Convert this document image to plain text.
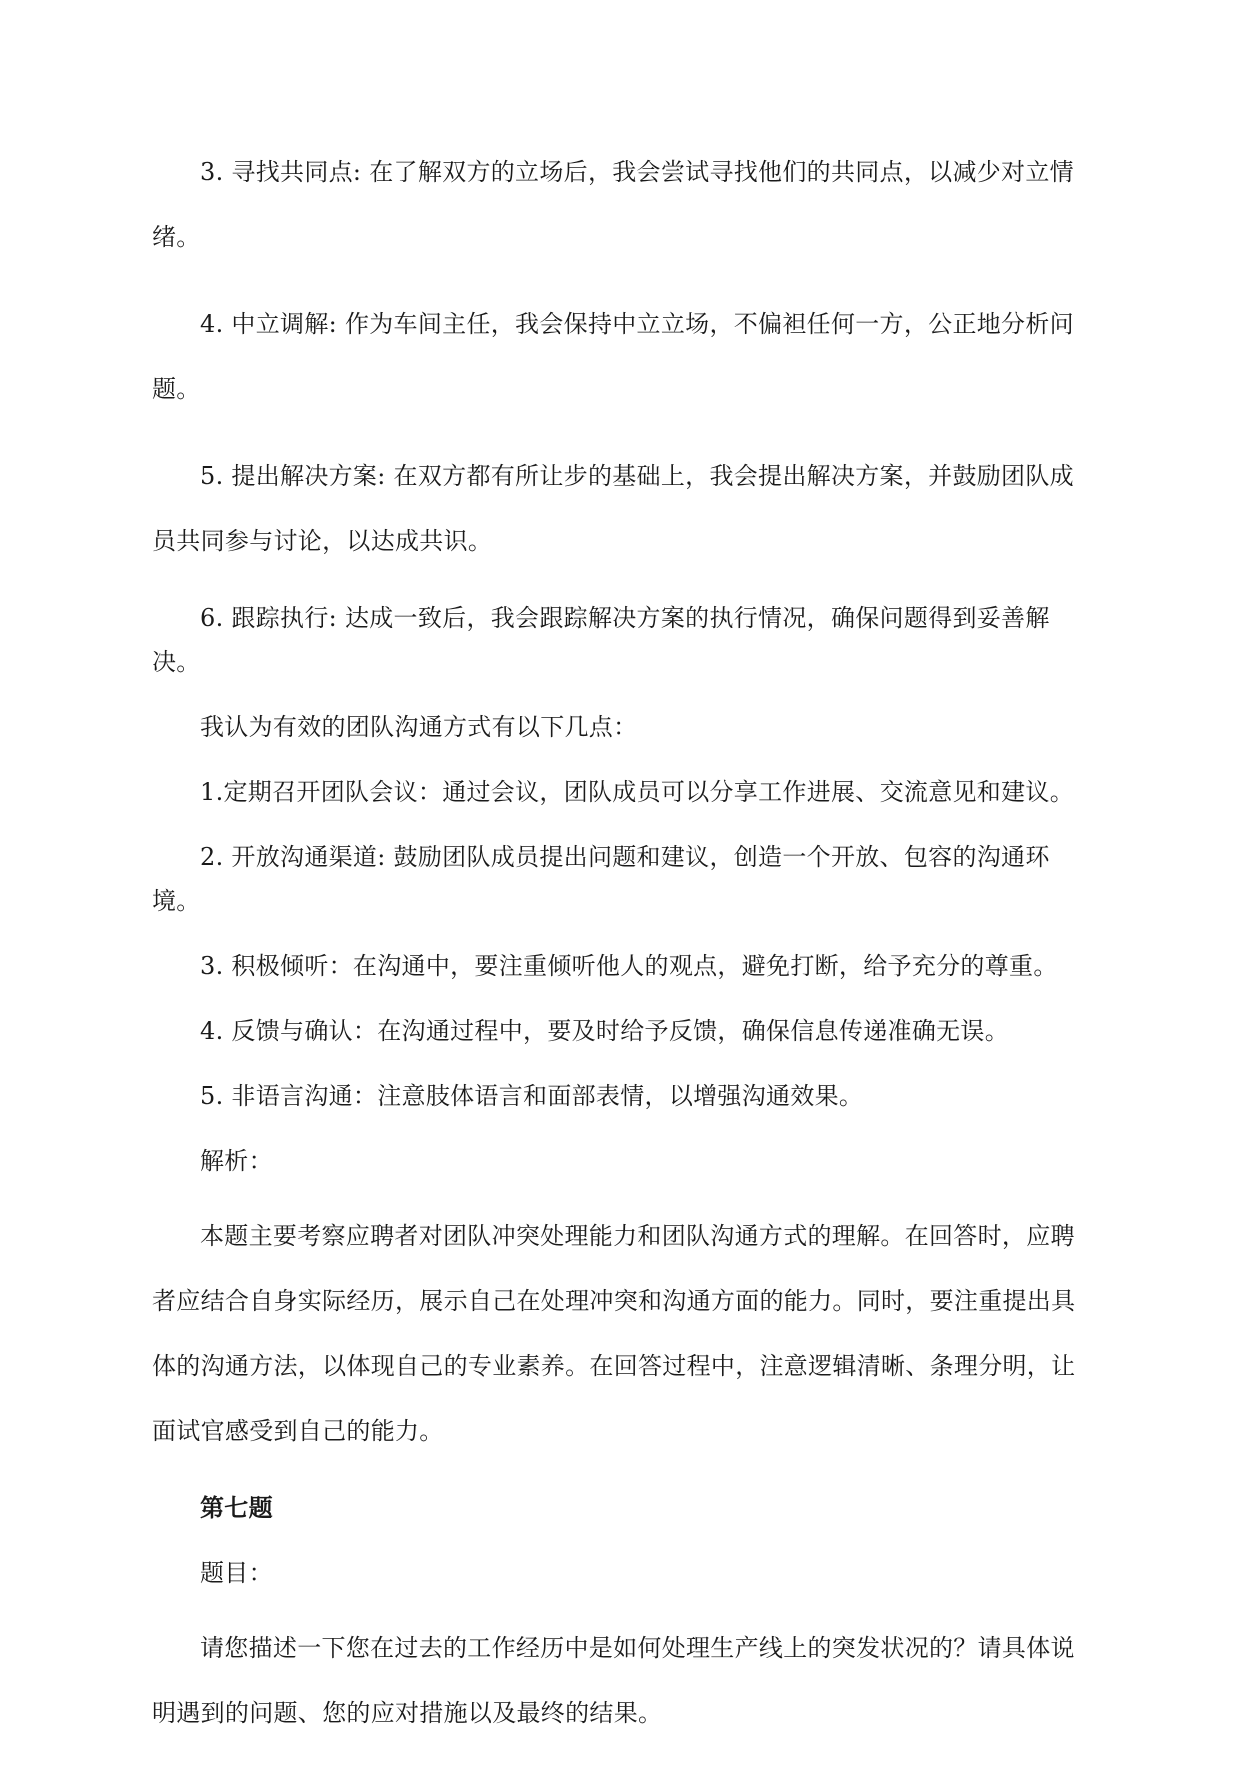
3. 寻找共同点: 在了解双方的立场后，我会尝试寻找他们的共同点，以减少对立情绪。

4. 中立调解: 作为车间主任，我会保持中立立场，不偏袒任何一方，公正地分析问题。

5. 提出解决方案: 在双方都有所让步的基础上，我会提出解决方案，并鼓励团队成员共同参与讨论，以达成共识。

6. 跟踪执行: 达成一致后，我会跟踪解决方案的执行情况，确保问题得到妥善解决。

我认为有效的团队沟通方式有以下几点：

1.定期召开团队会议：通过会议，团队成员可以分享工作进展、交流意见和建议。

2. 开放沟通渠道: 鼓励团队成员提出问题和建议，创造一个开放、包容的沟通环境。

3. 积极倾听：在沟通中，要注重倾听他人的观点，避免打断，给予充分的尊重。

4. 反馈与确认：在沟通过程中，要及时给予反馈，确保信息传递准确无误。

5. 非语言沟通：注意肢体语言和面部表情，以增强沟通效果。

解析：

本题主要考察应聘者对团队冲突处理能力和团队沟通方式的理解。在回答时，应聘者应结合自身实际经历，展示自己在处理冲突和沟通方面的能力。同时，要注重提出具体的沟通方法，以体现自己的专业素养。在回答过程中，注意逻辑清晰、条理分明，让面试官感受到自己的能力。

第七题

题目：

请您描述一下您在过去的工作经历中是如何处理生产线上的突发状况的？请具体说明遇到的问题、您的应对措施以及最终的结果。
